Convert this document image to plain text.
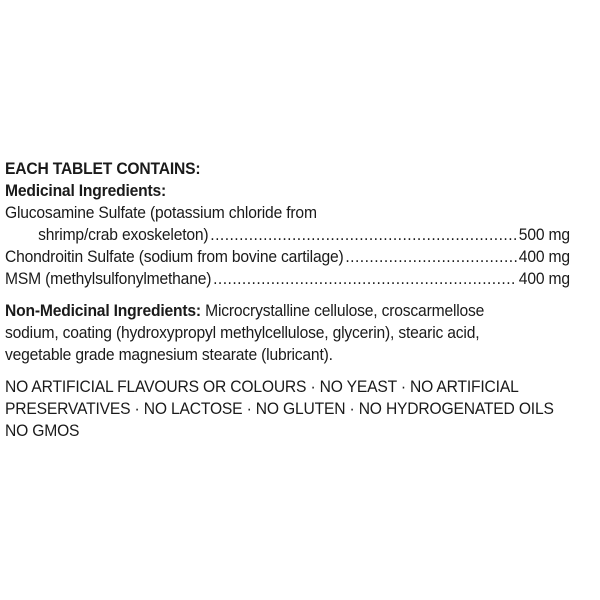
EACH TABLET CONTAINS:
Medicinal Ingredients:
Glucosamine Sulfate (potassium chloride from
shrimp/crab exoskeleton) .....	500 mg
Chondroitin Sulfate (sodium from bovine cartilage) .....	400 mg
MSM (methylsulfonylmethane) .....	400 mg
Non-Medicinal Ingredients: Microcrystalline cellulose, croscarmellose
sodium, coating (hydroxypropyl methylcellulose, glycerin), stearic acid,
vegetable grade magnesium stearate (lubricant).
NO ARTIFICIAL FLAVOURS OR COLOURS · NO YEAST · NO ARTIFICIAL
PRESERVATIVES · NO LACTOSE · NO GLUTEN · NO HYDROGENATED OILS
NO GMOS
